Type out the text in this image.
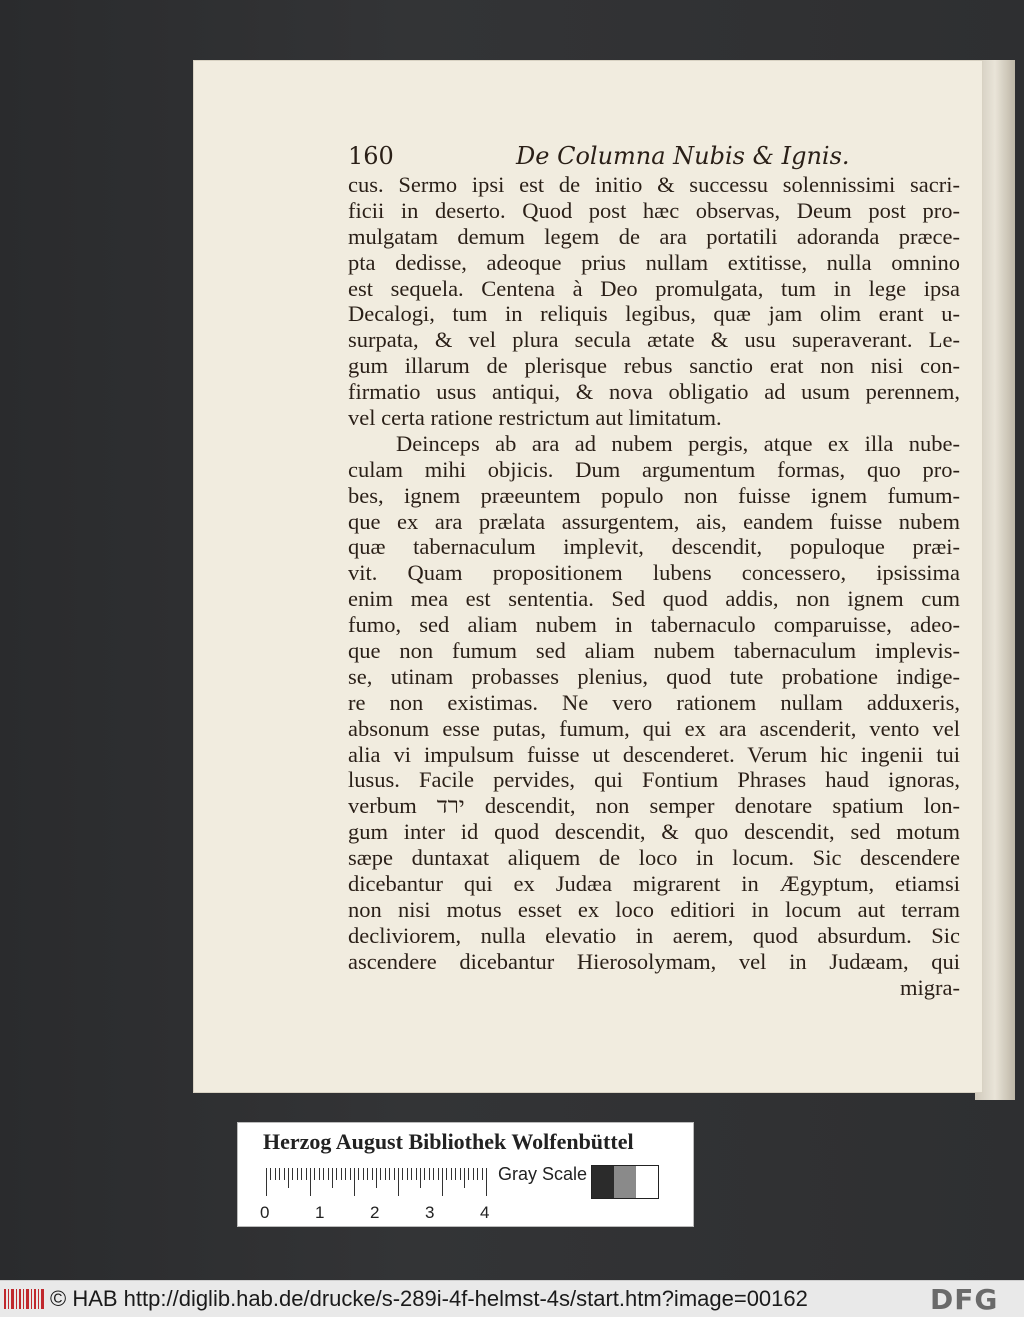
160	De Columna Nubis & Ignis.
cus. Sermo ipsi est de initio & successu solennissimi sacri-
ficii in deserto. Quod post hæc observas, Deum post pro-
mulgatam demum legem de ara portatili adoranda præce-
pta dedisse, adeoque prius nullam extitisse, nulla omnino
est sequela. Centena à Deo promulgata, tum in lege ipsa
Decalogi, tum in reliquis legibus, quæ jam olim erant u-
surpata, & vel plura secula ætate & usu superaverant. Le-
gum illarum de plerisque rebus sanctio erat non nisi con-
firmatio usus antiqui, & nova obligatio ad usum perennem,
vel certa ratione restrictum aut limitatum.
Deinceps ab ara ad nubem pergis, atque ex illa nube-
culam mihi objicis. Dum argumentum formas, quo pro-
bes, ignem præeuntem populo non fuisse ignem fumum-
que ex ara prælata assurgentem, ais, eandem fuisse nubem
quæ tabernaculum implevit, descendit, populoque præi-
vit. Quam propositionem lubens concessero, ipsissima
enim mea est sententia. Sed quod addis, non ignem cum
fumo, sed aliam nubem in tabernaculo comparuisse, adeo-
que non fumum sed aliam nubem tabernaculum implevis-
se, utinam probasses plenius, quod tute probatione indige-
re non existimas. Ne vero rationem nullam adduxeris,
absonum esse putas, fumum, qui ex ara ascenderit, vento vel
alia vi impulsum fuisse ut descenderet. Verum hic ingenii tui
lusus. Facile pervides, qui Fontium Phrases haud ignoras,
verbum ירד descendit, non semper denotare spatium lon-
gum inter id quod descendit, & quo descendit, sed motum
sæpe duntaxat aliquem de loco in locum. Sic descendere
dicebantur qui ex Judæa migrarent in Ægyptum, etiamsi
non nisi motus esset ex loco editiori in locum aut terram
decliviorem, nulla elevatio in aerem, quod absurdum. Sic
ascendere dicebantur Hierosolymam, vel in Judæam, qui
migra-
Herzog August Bibliothek Wolfenbüttel
0	1	2	3	4
Gray Scale
© HAB http://diglib.hab.de/drucke/s-289i-4f-helmst-4s/start.htm?image=00162	DFG
